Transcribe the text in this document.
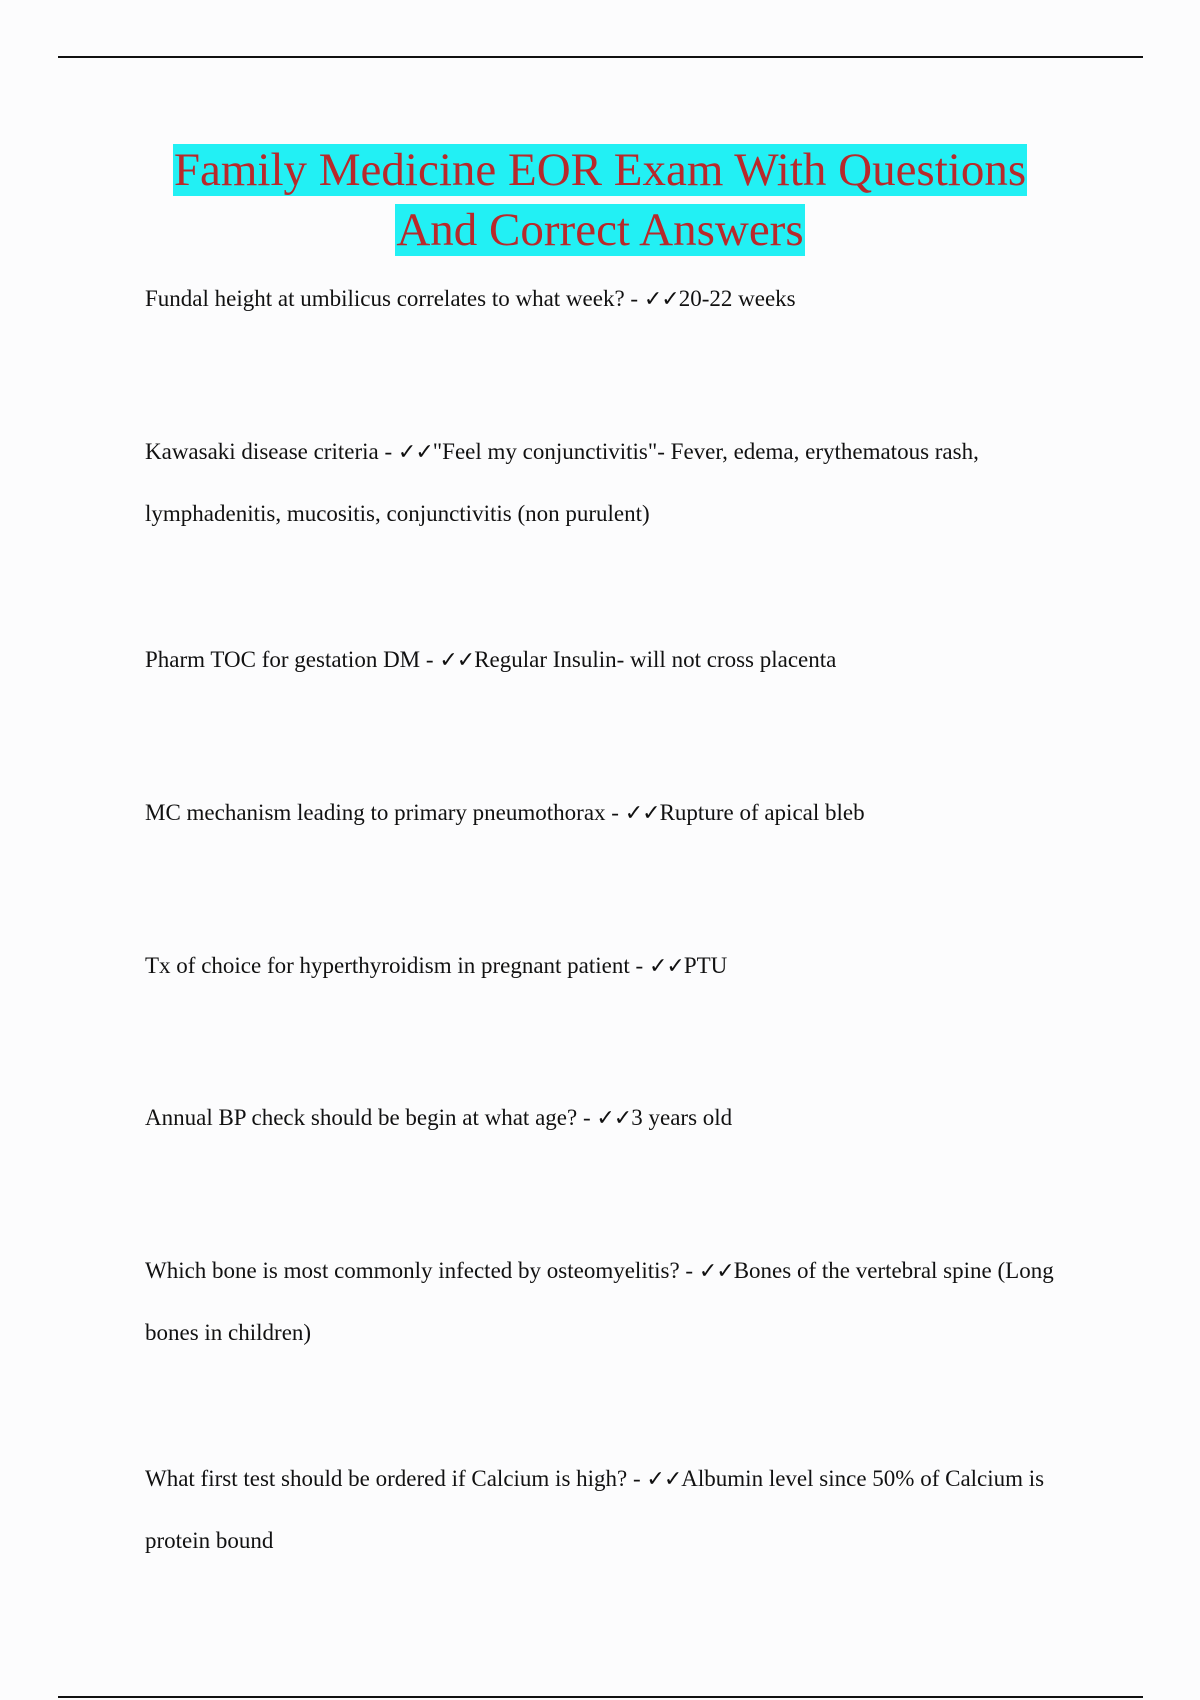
Family Medicine EOR Exam With Questions
And Correct Answers

Fundal height at umbilicus correlates to what week? - ✓✓20-22 weeks

Kawasaki disease criteria - ✓✓"Feel my conjunctivitis"- Fever, edema, erythematous rash, lymphadenitis, mucositis, conjunctivitis (non purulent)

Pharm TOC for gestation DM - ✓✓Regular Insulin- will not cross placenta

MC mechanism leading to primary pneumothorax - ✓✓Rupture of apical bleb

Tx of choice for hyperthyroidism in pregnant patient - ✓✓PTU

Annual BP check should be begin at what age? - ✓✓3 years old

Which bone is most commonly infected by osteomyelitis? - ✓✓Bones of the vertebral spine (Long bones in children)

What first test should be ordered if Calcium is high? - ✓✓Albumin level since 50% of Calcium is protein bound
